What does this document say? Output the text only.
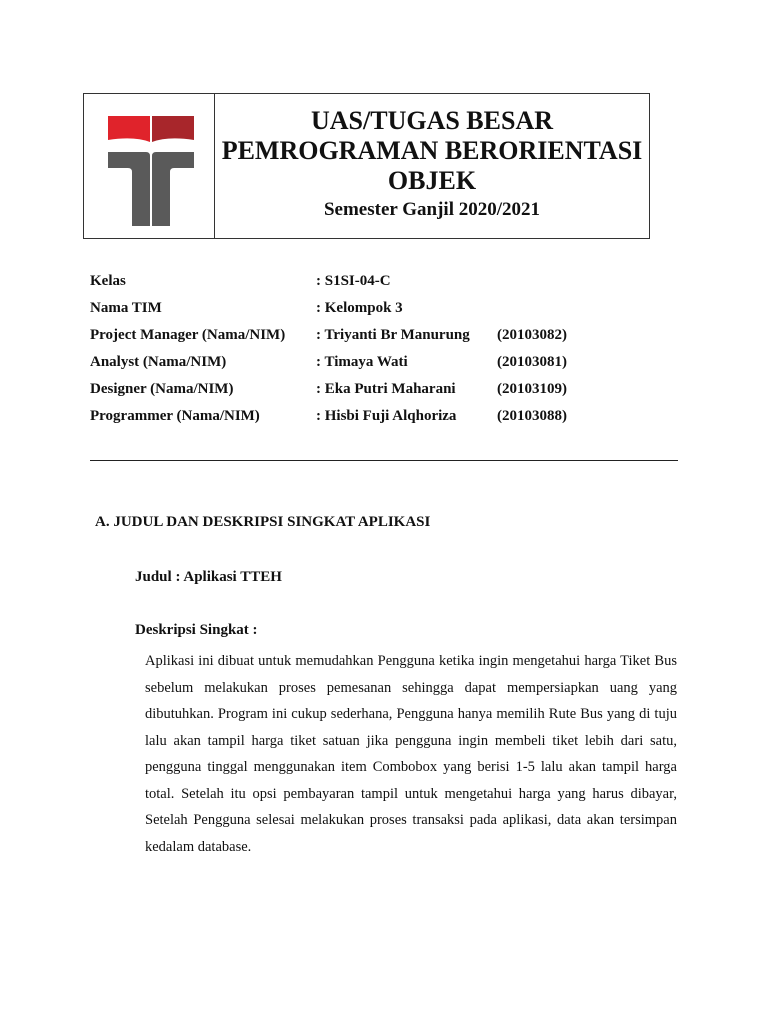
UAS/TUGAS BESAR
PEMROGRAMAN BERORIENTASI
OBJEK
Semester Ganjil 2020/2021
Kelas	: S1SI-04-C
Nama TIM	: Kelompok 3
Project Manager (Nama/NIM) : Triyanti Br Manurung (20103082)
Analyst (Nama/NIM)	: Timaya Wati	(20103081)
Designer (Nama/NIM)	: Eka Putri Maharani	(20103109)
Programmer (Nama/NIM)	: Hisbi Fuji Alqhoriza	(20103088)
A. JUDUL DAN DESKRIPSI SINGKAT APLIKASI
Judul : Aplikasi TTEH
Deskripsi Singkat :
Aplikasi ini dibuat untuk memudahkan Pengguna ketika ingin mengetahui harga Tiket Bus sebelum melakukan proses pemesanan sehingga dapat mempersiapkan uang yang dibutuhkan. Program ini cukup sederhana, Pengguna hanya memilih Rute Bus yang di tuju lalu akan tampil harga tiket satuan jika pengguna ingin membeli tiket lebih dari satu, pengguna tinggal menggunakan item Combobox yang berisi 1-5 lalu akan tampil harga total. Setelah itu opsi pembayaran tampil untuk mengetahui harga yang harus dibayar, Setelah Pengguna selesai melakukan proses transaksi pada aplikasi, data akan tersimpan kedalam database.
